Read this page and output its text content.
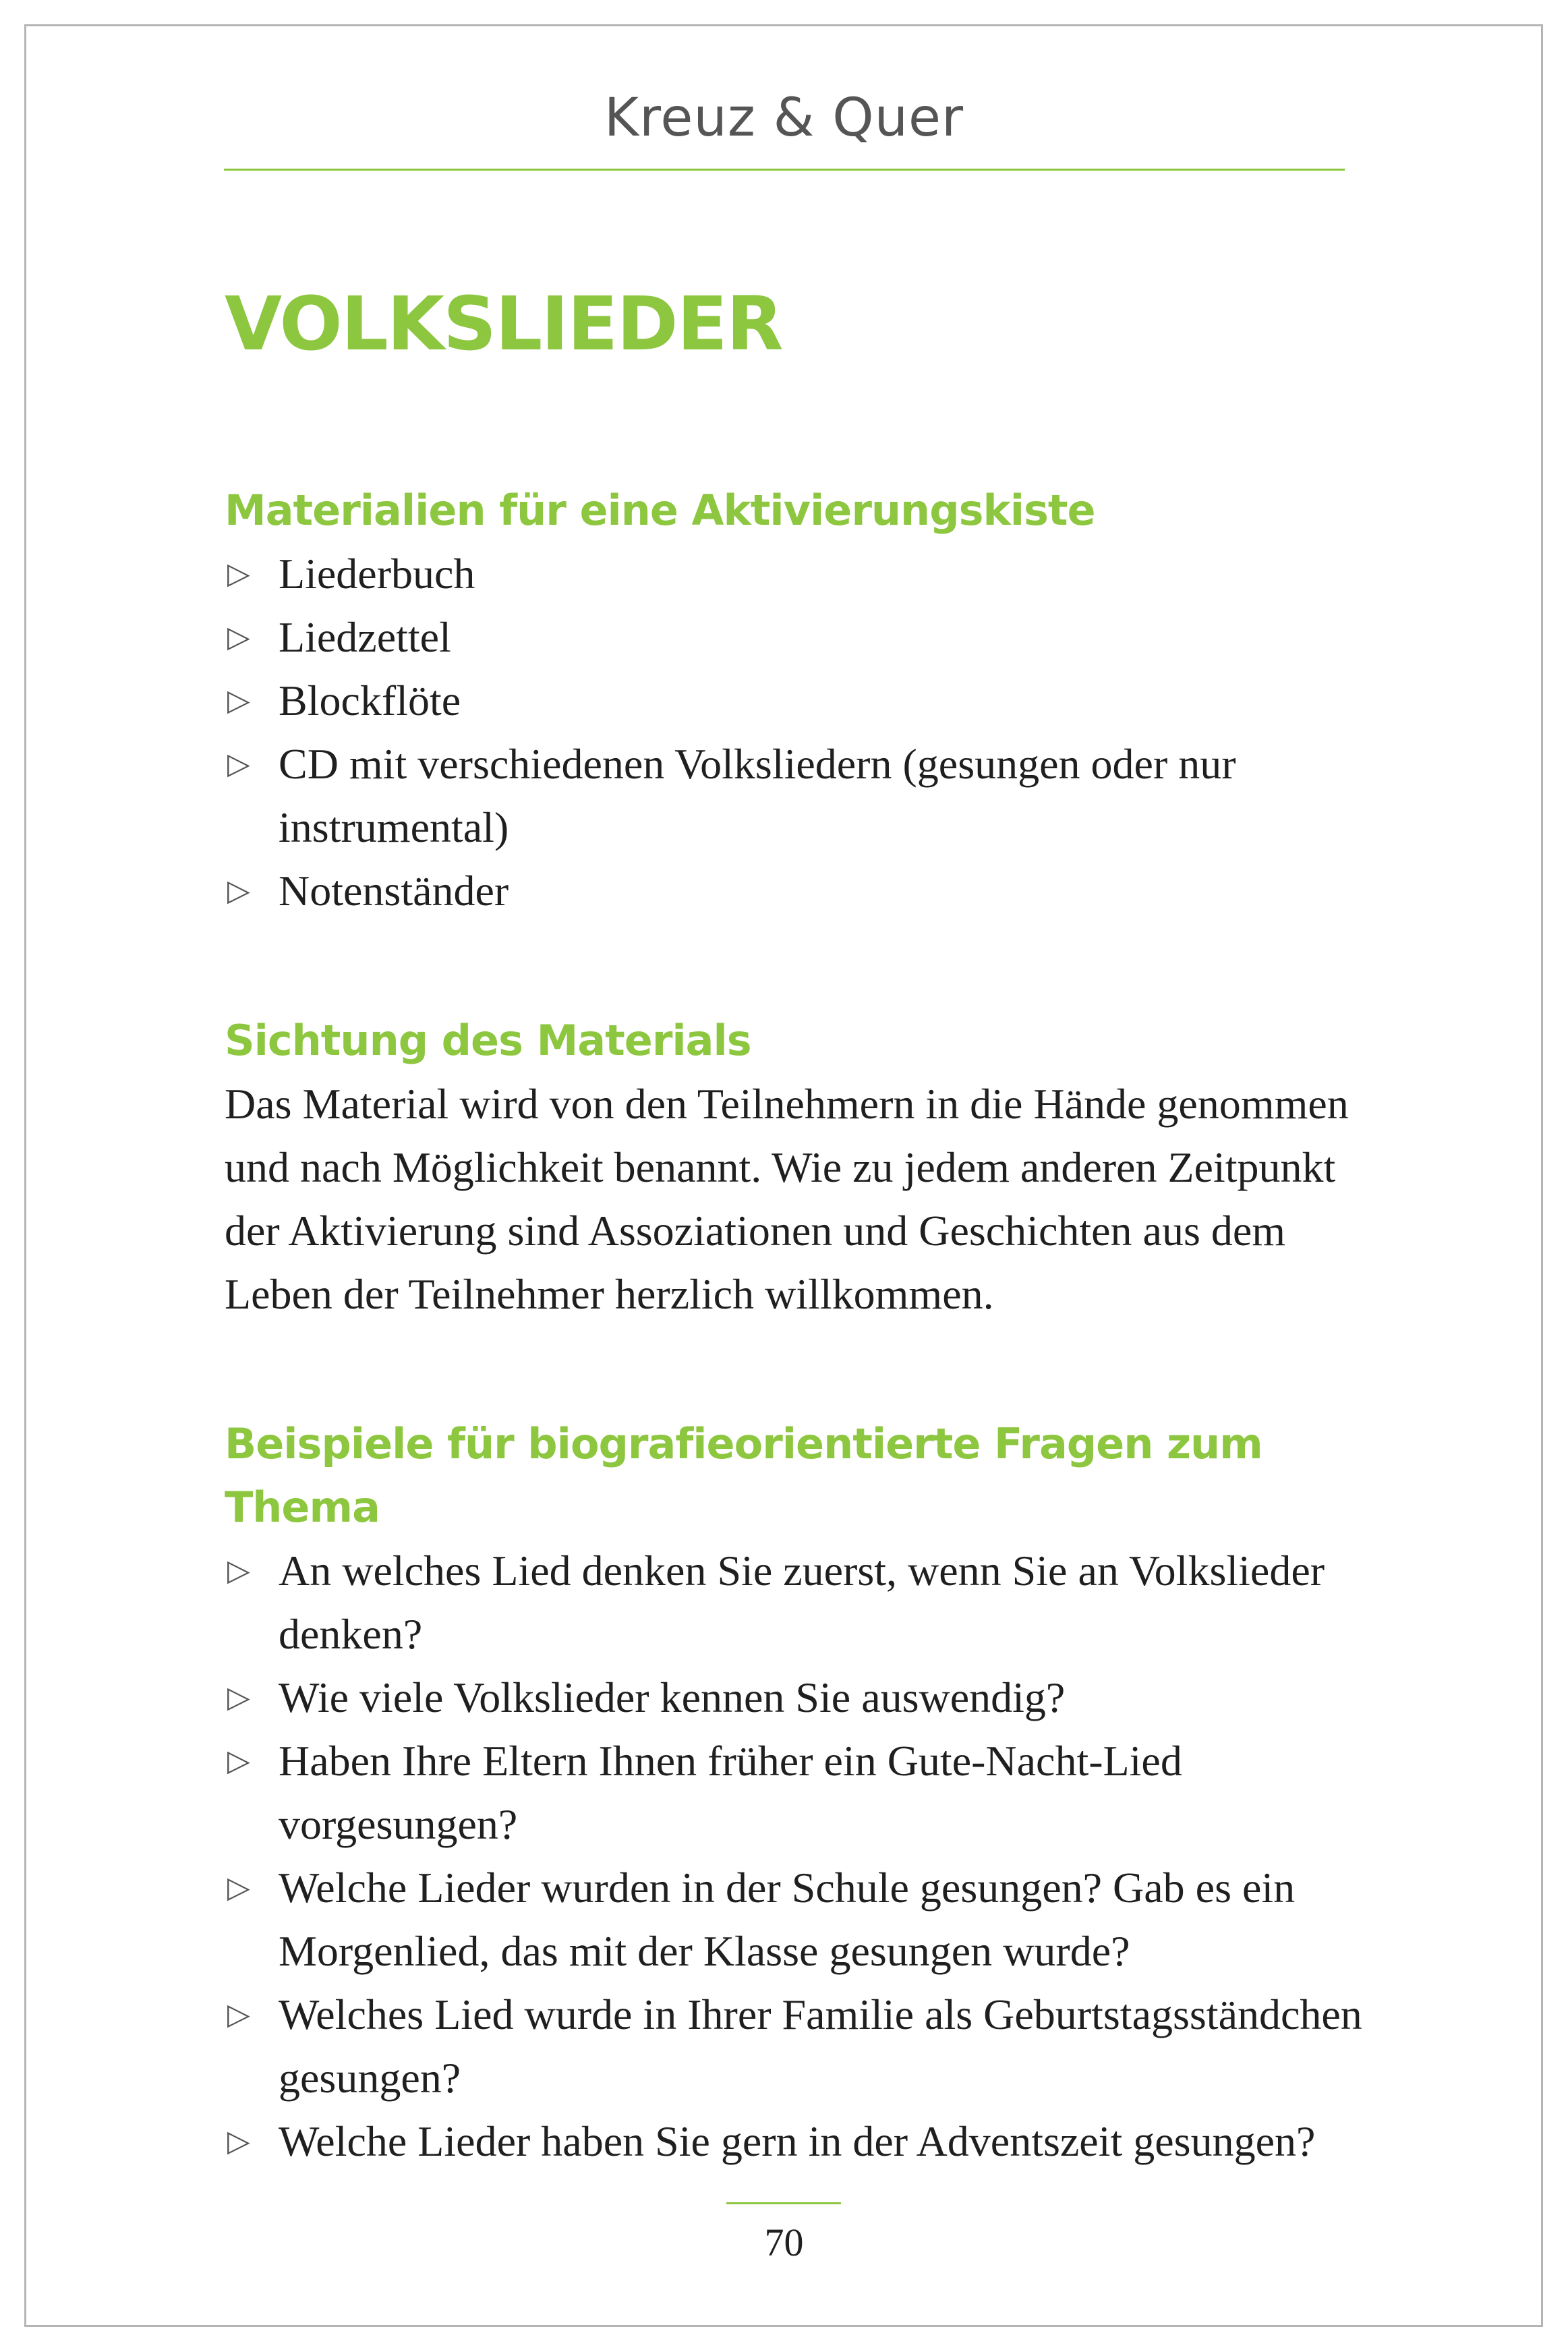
Kreuz & Quer
VOLKSLIEDER
Materialien für eine Aktivierungskiste
▷ Liederbuch
▷ Liedzettel
▷ Blockflöte
▷ CD mit verschiedenen Volksliedern (gesungen oder nur instrumental)
▷ Notenständer
Sichtung des Materials

Das Material wird von den Teilnehmern in die Hände genommen und nach Möglichkeit benannt. Wie zu jedem anderen Zeitpunkt der Aktivierung sind Assoziationen und Geschichten aus dem Leben der Teilnehmer herzlich willkommen.

Beispiele für biografieorientierte Fragen zum Thema
▷ An welches Lied denken Sie zuerst, wenn Sie an Volkslieder denken?
▷ Wie viele Volkslieder kennen Sie auswendig?
▷ Haben Ihre Eltern Ihnen früher ein Gute-Nacht-Lied vorgesungen?
▷ Welche Lieder wurden in der Schule gesungen? Gab es ein Morgenlied, das mit der Klasse gesungen wurde?
▷ Welches Lied wurde in Ihrer Familie als Geburtstagsständchen gesungen?
▷ Welche Lieder haben Sie gern in der Adventszeit gesungen?
70
